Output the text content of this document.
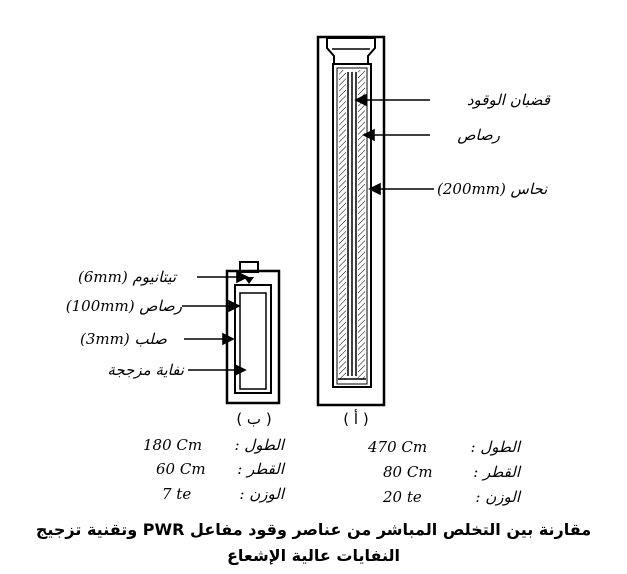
قضبان الوقود
رصاص
نحاس (200mm)
تيتانيوم (6mm)
رصاص (100mm)
صلب (3mm)
نفاية مزججة
( ب )	( أ )
180 Cm	الطول :
60 Cm	القطر :
7 te	الوزن :
470 Cm	الطول :
80 Cm	القطر :
20 te	الوزن :
مقارنة بين التخلص المباشر من عناصر وقود مفاعل PWR وتقنية تزجيج
النفايات عالية الإشعاع
